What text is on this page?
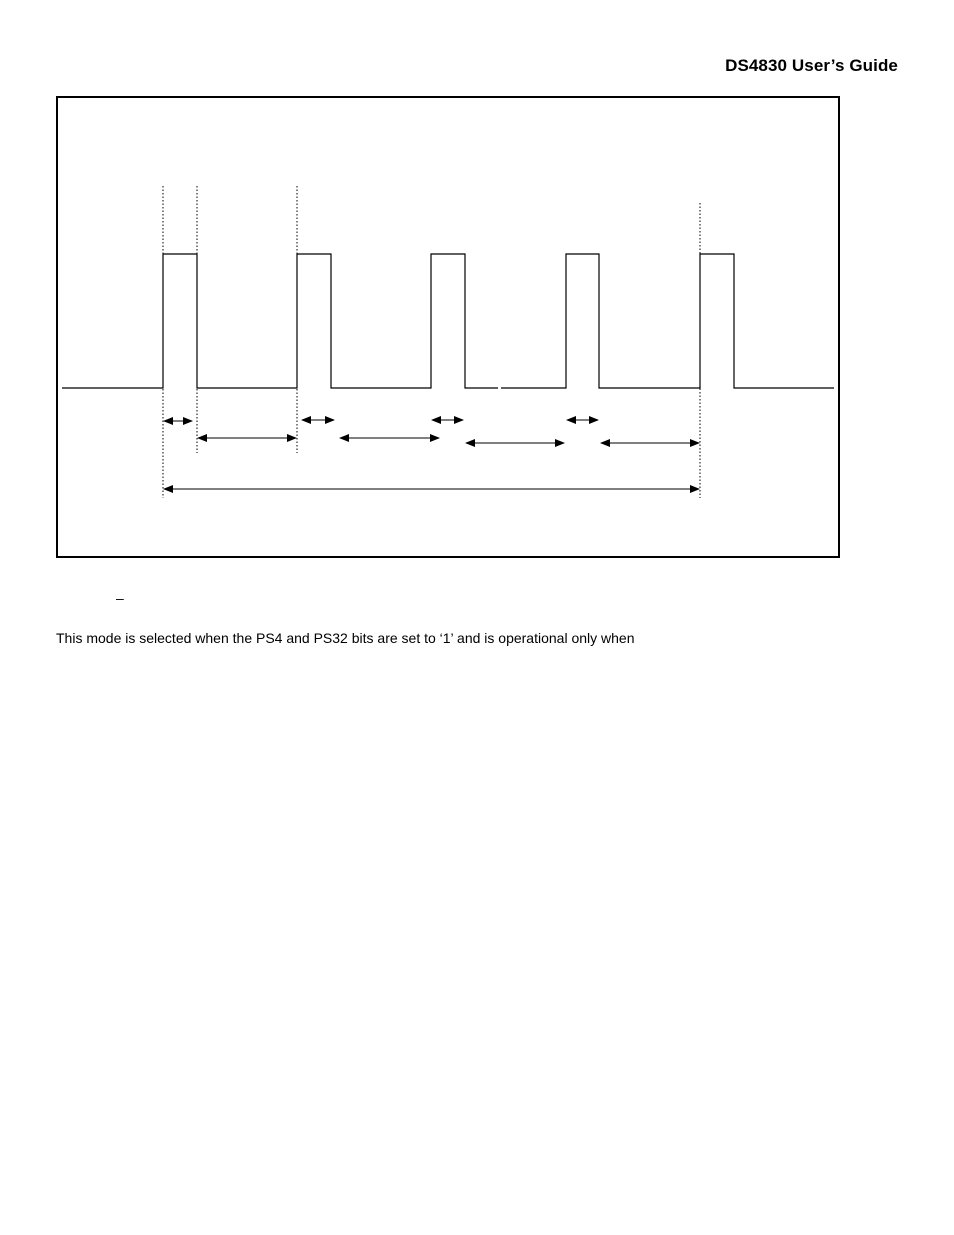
DS4830 User’s Guide
–
This mode is selected when the PS4 and PS32 bits are set to ‘1’ and is operational only when
